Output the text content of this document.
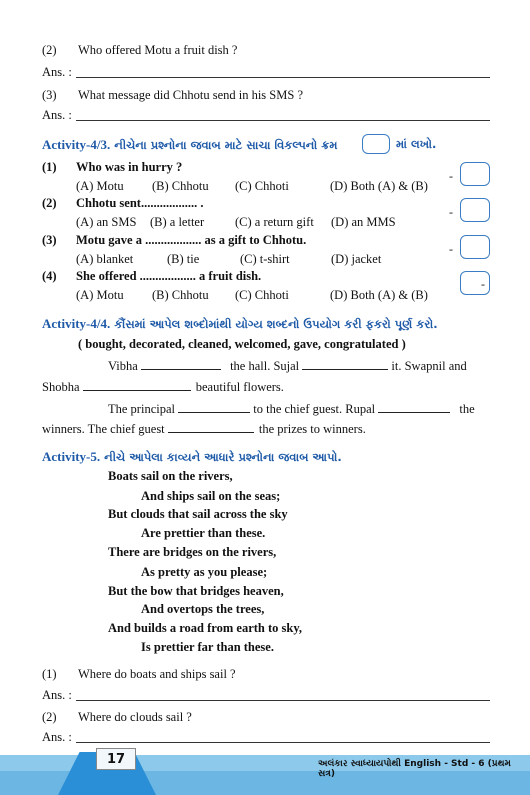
(2) Who offered Motu a fruit dish ?
Ans. :
(3) What message did Chhotu send in his SMS ?
Ans. :
Activity-4/3. નીચેના પ્રશ્નોના જવાબ માટે સાચા વિકલ્પનો ક્રમ	માં લખો.
(1) Who was in hurry ?
(A) Motu (B) Chhotu (C) Chhoti	(D) Both (A) & (B)
-
(2) Chhotu sent.................. .
(A) an SMS (B) a letter (C) a return gift (D) an MMS
-
(3) Motu gave a .................. as a gift to Chhotu.
(A) blanket	(B) tie	(C) t-shirt	(D) jacket
-
(4) She offered .................. a fruit dish.
(A) Motu (B) Chhotu (C) Chhoti	(D) Both (A) & (B)
-
Activity-4/4. કૌંસમાં આપેલ શબ્દોમાંથી યોગ્ય શબ્દનો ઉપયોગ કરી ફકરો પૂર્ણ કરો.
( bought, decorated, cleaned, welcomed, gave, congratulated )
Vibha	the hall. Sujal	it. Swapnil and
Shobha	beautiful flowers.
The principal	to the chief guest. Rupal	the
winners. The chief guest	the prizes to winners.
Activity-5. નીચે આપેલા કાવ્યને આધારે પ્રશ્નોના જવાબ આપો.
Boats sail on the rivers,
And ships sail on the seas;
But clouds that sail across the sky
Are prettier than these.
There are bridges on the rivers,
As pretty as you please;
But the bow that bridges heaven,
And overtops the trees,
And builds a road from earth to sky,
Is prettier far than these.
(1) Where do boats and ships sail ?
Ans. :
(2) Where do clouds sail ?
Ans. :
17	અલંકાર સ્વાધ્યાયપોથી English - Std - 6 (પ્રથમ સત્ર)
